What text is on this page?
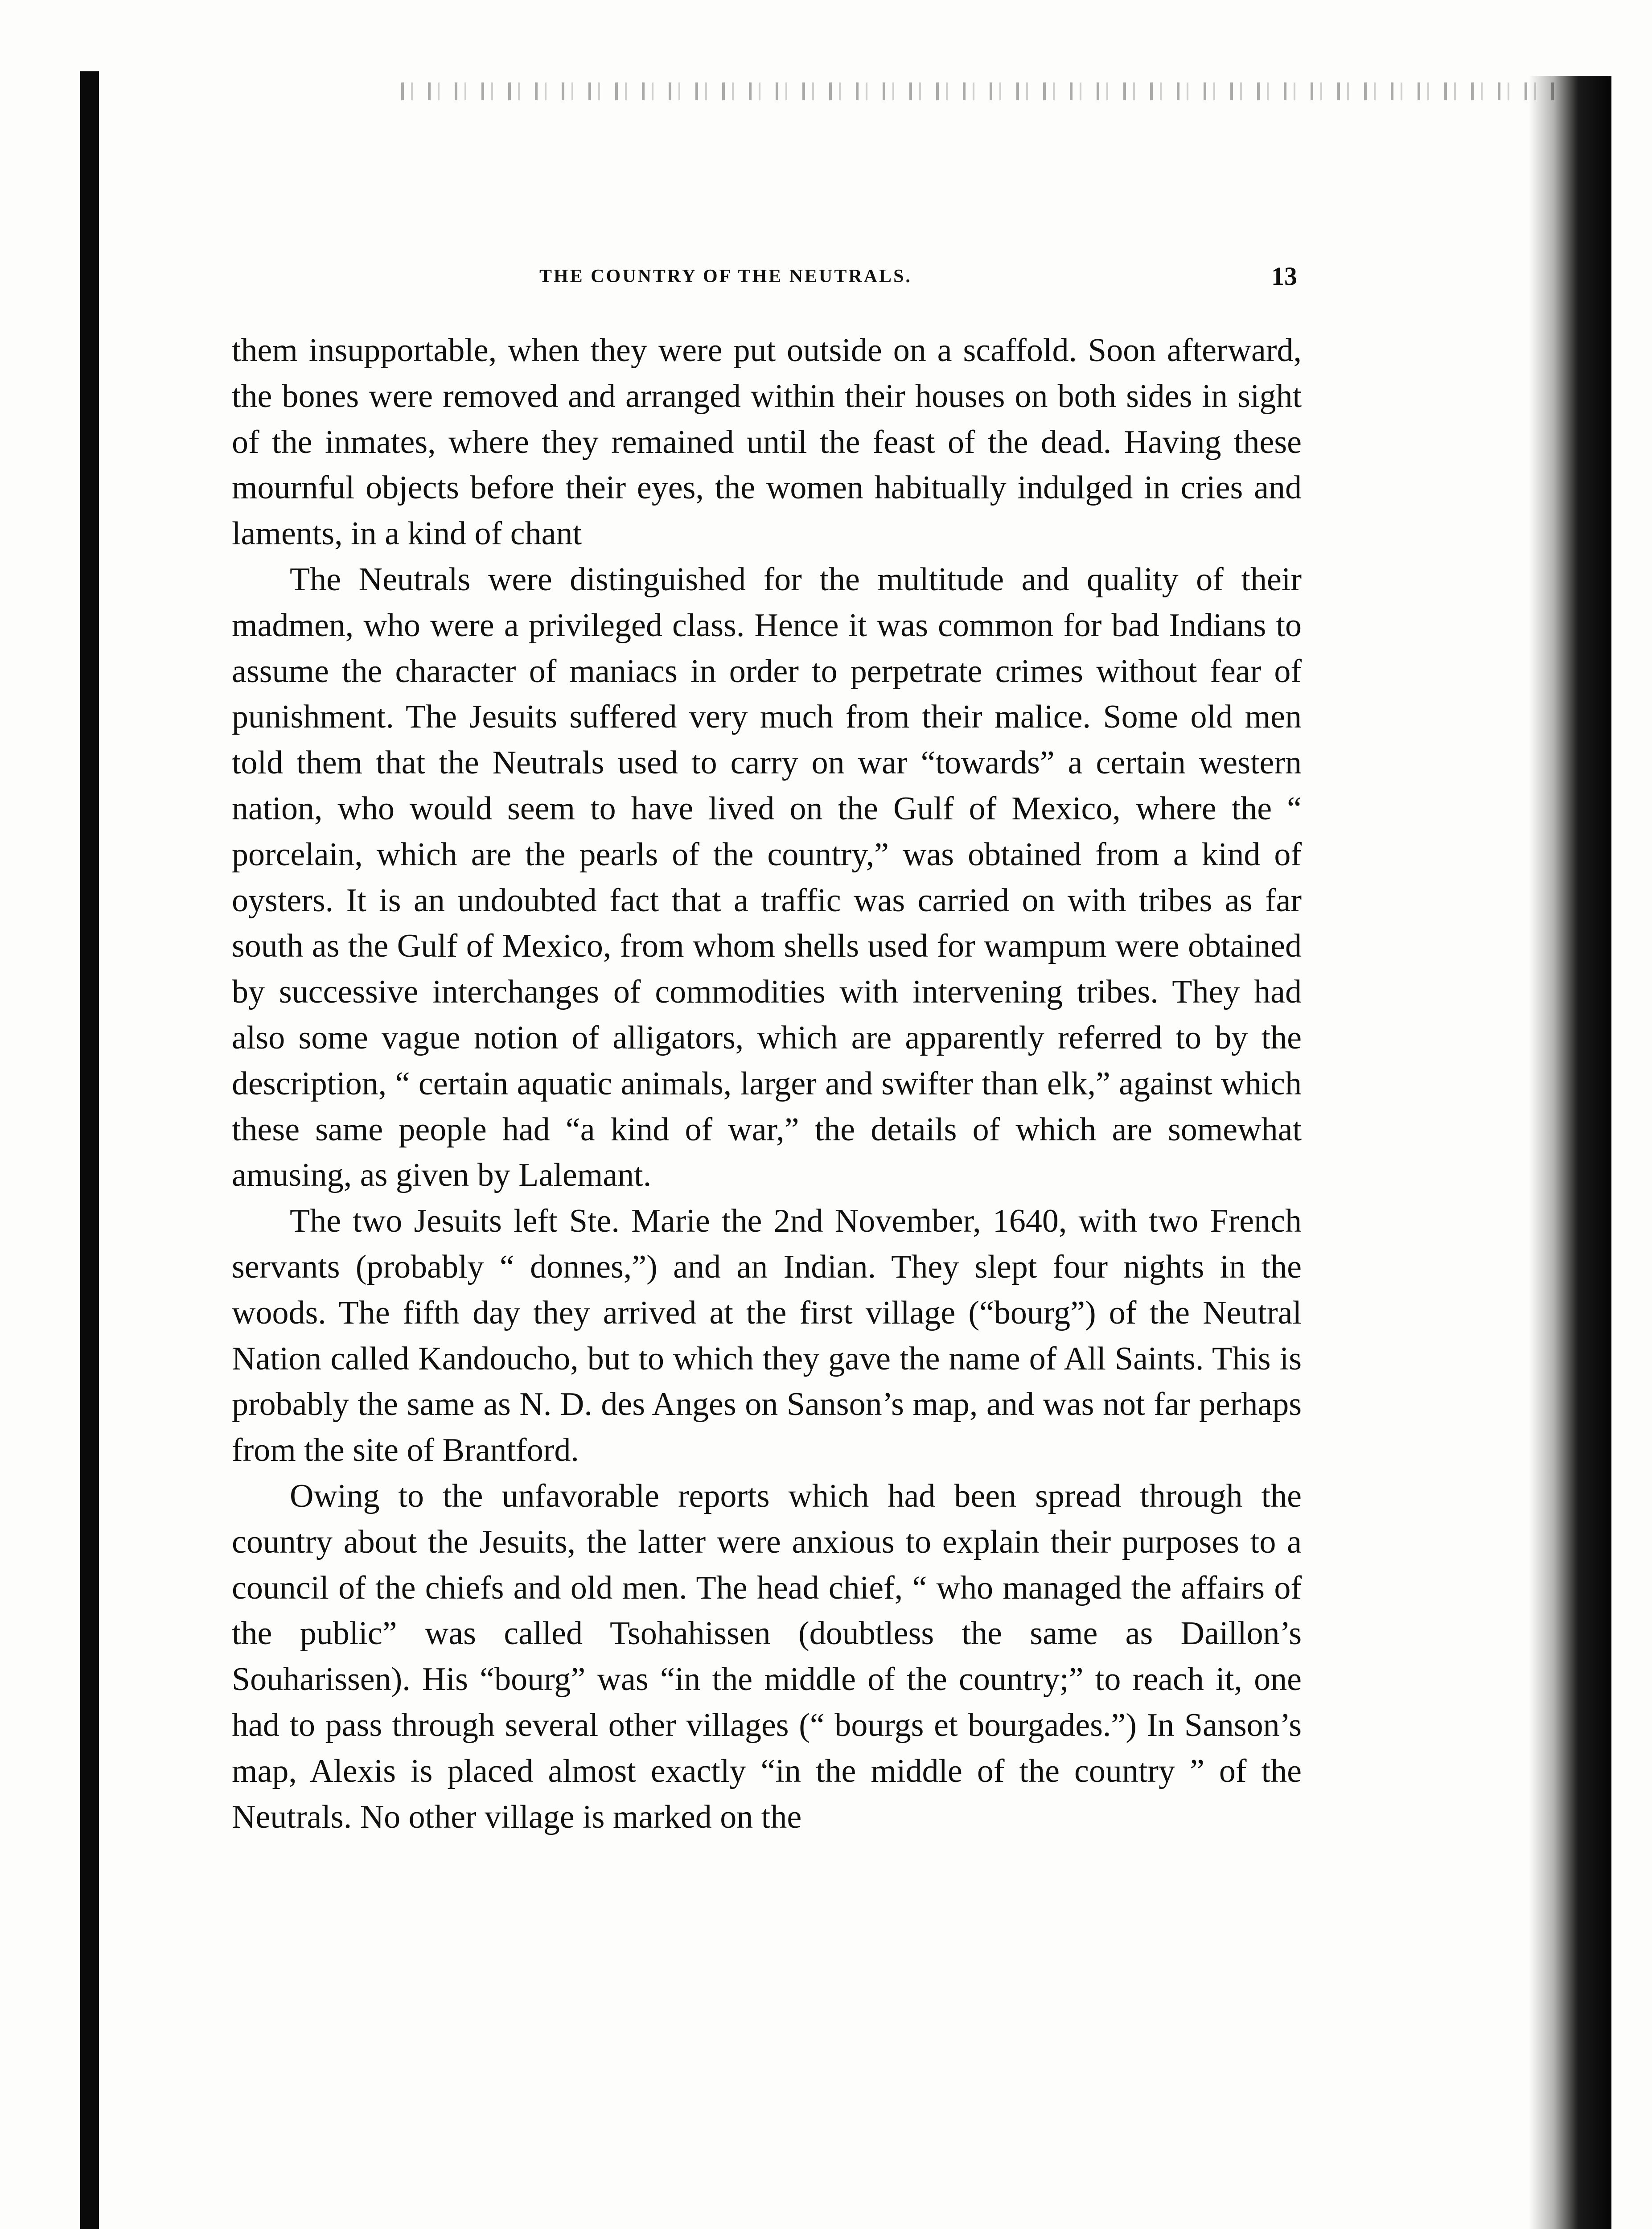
THE COUNTRY OF THE NEUTRALS.	13

them insupportable, when they were put outside on a scaffold. Soon afterward, the bones were removed and arranged within their houses on both sides in sight of the inmates, where they remained until the feast of the dead. Having these mournful objects before their eyes, the women habitually indulged in cries and laments, in a kind of chant

The Neutrals were distinguished for the multitude and quality of their madmen, who were a privileged class. Hence it was common for bad Indians to assume the character of maniacs in order to perpetrate crimes without fear of punishment. The Jesuits suffered very much from their malice. Some old men told them that the Neutrals used to carry on war “towards” a certain western nation, who would seem to have lived on the Gulf of Mexico, where the “ porcelain, which are the pearls of the country,” was obtained from a kind of oysters. It is an undoubted fact that a traffic was carried on with tribes as far south as the Gulf of Mexico, from whom shells used for wampum were obtained by successive interchanges of commodities with intervening tribes. They had also some vague notion of alligators, which are apparently referred to by the description, “ certain aquatic animals, larger and swifter than elk,” against which these same people had “a kind of war,” the details of which are somewhat amusing, as given by Lalemant.

The two Jesuits left Ste. Marie the 2nd November, 1640, with two French servants (probably “ donnes,”) and an Indian. They slept four nights in the woods. The fifth day they arrived at the first village (“bourg”) of the Neutral Nation called Kandoucho, but to which they gave the name of All Saints. This is probably the same as N. D. des Anges on Sanson’s map, and was not far perhaps from the site of Brantford.

Owing to the unfavorable reports which had been spread through the country about the Jesuits, the latter were anxious to explain their purposes to a council of the chiefs and old men. The head chief, “ who managed the affairs of the public” was called Tsohahissen (doubtless the same as Daillon’s Souharissen). His “bourg” was “in the middle of the country;” to reach it, one had to pass through several other villages (“ bourgs et bourgades.”) In Sanson’s map, Alexis is placed almost exactly “in the middle of the country ” of the Neutrals. No other village is marked on the
